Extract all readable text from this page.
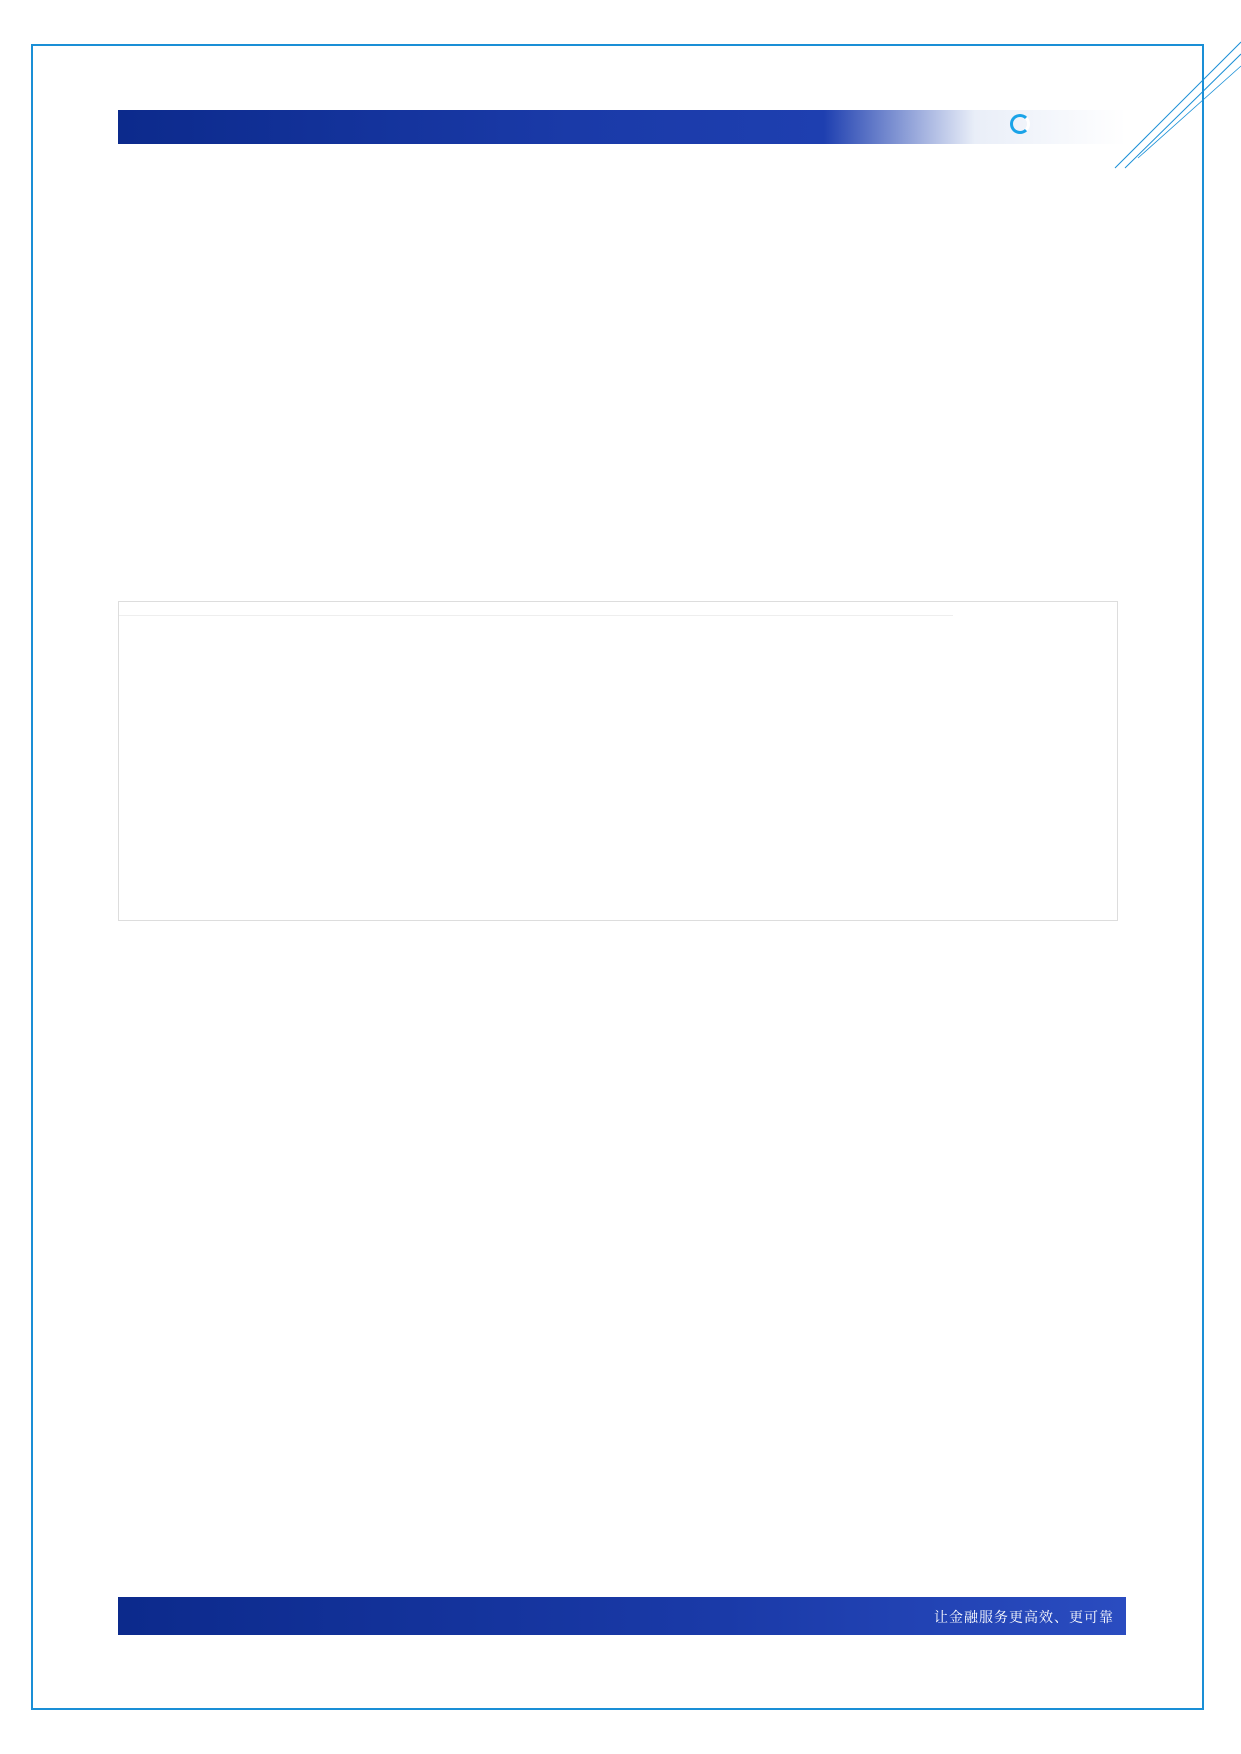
让金融服务更高效、更可靠
